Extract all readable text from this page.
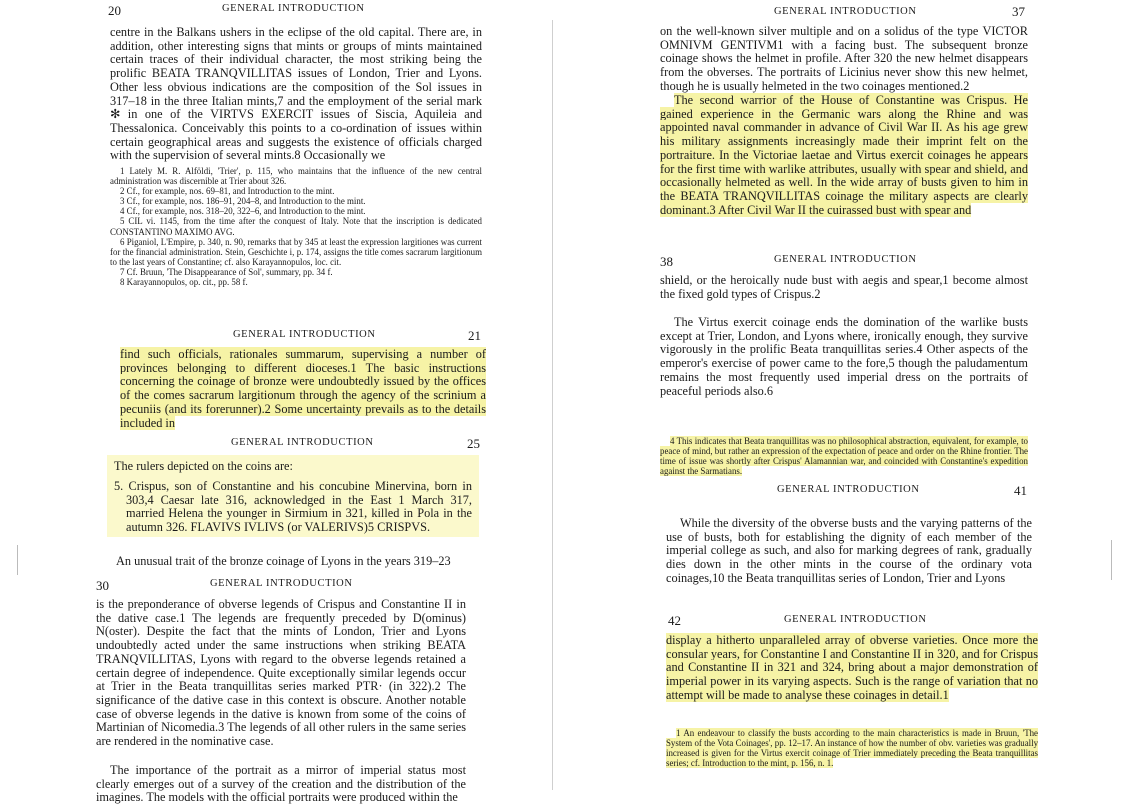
20	GENERAL INTRODUCTION

centre in the Balkans ushers in the eclipse of the old capital. There are, in addition, other interesting signs that mints or groups of mints maintained certain traces of their individual character, the most striking being the prolific BEATA TRANQVILLITAS issues of London, Trier and Lyons. Other less obvious indications are the composition of the Sol issues in 317–18 in the three Italian mints,7 and the employment of the serial mark ✻ in one of the VIRTVS EXERCIT issues of Siscia, Aquileia and Thessalonica. Conceivably this points to a co-ordination of issues within certain geographical areas and suggests the existence of officials charged with the supervision of several mints.8 Occasionally we

1 Lately M. R. Alföldi, 'Trier', p. 115, who maintains that the influence of the new central administration was discernible at Trier about 326.

2 Cf., for example, nos. 69–81, and Introduction to the mint.

3 Cf., for example, nos. 186–91, 204–8, and Introduction to the mint.

4 Cf., for example, nos. 318–20, 322–6, and Introduction to the mint.

5 CIL vi. 1145, from the time after the conquest of Italy. Note that the inscription is dedicated CONSTANTINO MAXIMO AVG.

6 Piganiol, L'Empire, p. 340, n. 90, remarks that by 345 at least the expression largitiones was current for the financial administration. Stein, Geschichte i, p. 174, assigns the title comes sacrarum largitionum to the last years of Constantine; cf. also Karayannopulos, loc. cit.

7 Cf. Bruun, 'The Disappearance of Sol', summary, pp. 34 f.

8 Karayannopulos, op. cit., pp. 58 f.

GENERAL INTRODUCTION	21

find such officials, rationales summarum, supervising a number of provinces belonging to different dioceses.1 The basic instructions concerning the coinage of bronze were undoubtedly issued by the offices of the comes sacrarum largitionum through the agency of the scrinium a pecuniis (and its forerunner).2 Some uncertainty prevails as to the details included in

GENERAL INTRODUCTION	25

The rulers depicted on the coins are:

5. Crispus, son of Constantine and his concubine Minervina, born in 303,4 Caesar late 316, acknowledged in the East 1 March 317, married Helena the younger in Sirmium in 321, killed in Pola in the autumn 326. FLAVIVS IVLIVS (or VALERIVS)5 CRISPVS.

An unusual trait of the bronze coinage of Lyons in the years 319–23

30	GENERAL INTRODUCTION

is the preponderance of obverse legends of Crispus and Constantine II in the dative case.1 The legends are frequently preceded by D(ominus) N(oster). Despite the fact that the mints of London, Trier and Lyons undoubtedly acted under the same instructions when striking BEATA TRANQVILLITAS, Lyons with regard to the obverse legends retained a certain degree of independence. Quite exceptionally similar legends occur at Trier in the Beata tranquillitas series marked PTR· (in 322).2 The significance of the dative case in this context is obscure. Another notable case of obverse legends in the dative is known from some of the coins of Martinian of Nicomedia.3 The legends of all other rulers in the same series are rendered in the nominative case.

The importance of the portrait as a mirror of imperial status most clearly emerges out of a survey of the creation and the distribution of the imagines. The models with the official portraits were produced within the

GENERAL INTRODUCTION	37

on the well-known silver multiple and on a solidus of the type VICTOR OMNIVM GENTIVM1 with a facing bust. The subsequent bronze coinage shows the helmet in profile. After 320 the new helmet disappears from the obverses. The portraits of Licinius never show this new helmet, though he is usually helmeted in the two coinages mentioned.2

The second warrior of the House of Constantine was Crispus. He gained experience in the Germanic wars along the Rhine and was appointed naval commander in advance of Civil War II. As his age grew his military assignments increasingly made their imprint felt on the portraiture. In the Victoriae laetae and Virtus exercit coinages he appears for the first time with warlike attributes, usually with spear and shield, and occasionally helmeted as well. In the wide array of busts given to him in the BEATA TRANQVILLITAS coinage the military aspects are clearly dominant.3 After Civil War II the cuirassed bust with spear and

38	GENERAL INTRODUCTION

shield, or the heroically nude bust with aegis and spear,1 become almost the fixed gold types of Crispus.2

The Virtus exercit coinage ends the domination of the warlike busts except at Trier, London, and Lyons where, ironically enough, they survive vigorously in the prolific Beata tranquillitas series.4 Other aspects of the emperor's exercise of power came to the fore,5 though the paludamentum remains the most frequently used imperial dress on the portraits of peaceful periods also.6

4 This indicates that Beata tranquillitas was no philosophical abstraction, equivalent, for example, to peace of mind, but rather an expression of the expectation of peace and order on the Rhine frontier. The time of issue was shortly after Crispus' Alamannian war, and coincided with Constantine's expedition against the Sarmatians.

GENERAL INTRODUCTION	41

While the diversity of the obverse busts and the varying patterns of the use of busts, both for establishing the dignity of each member of the imperial college as such, and also for marking degrees of rank, gradually dies down in the other mints in the course of the ordinary vota coinages,10 the Beata tranquillitas series of London, Trier and Lyons

42	GENERAL INTRODUCTION

display a hitherto unparalleled array of obverse varieties. Once more the consular years, for Constantine I and Constantine II in 320, and for Crispus and Constantine II in 321 and 324, bring about a major demonstration of imperial power in its varying aspects. Such is the range of variation that no attempt will be made to analyse these coinages in detail.1

1 An endeavour to classify the busts according to the main characteristics is made in Bruun, 'The System of the Vota Coinages', pp. 12–17. An instance of how the number of obv. varieties was gradually increased is given for the Virtus exercit coinage of Trier immediately preceding the Beata tranquillitas series; cf. Introduction to the mint, p. 156, n. 1.
